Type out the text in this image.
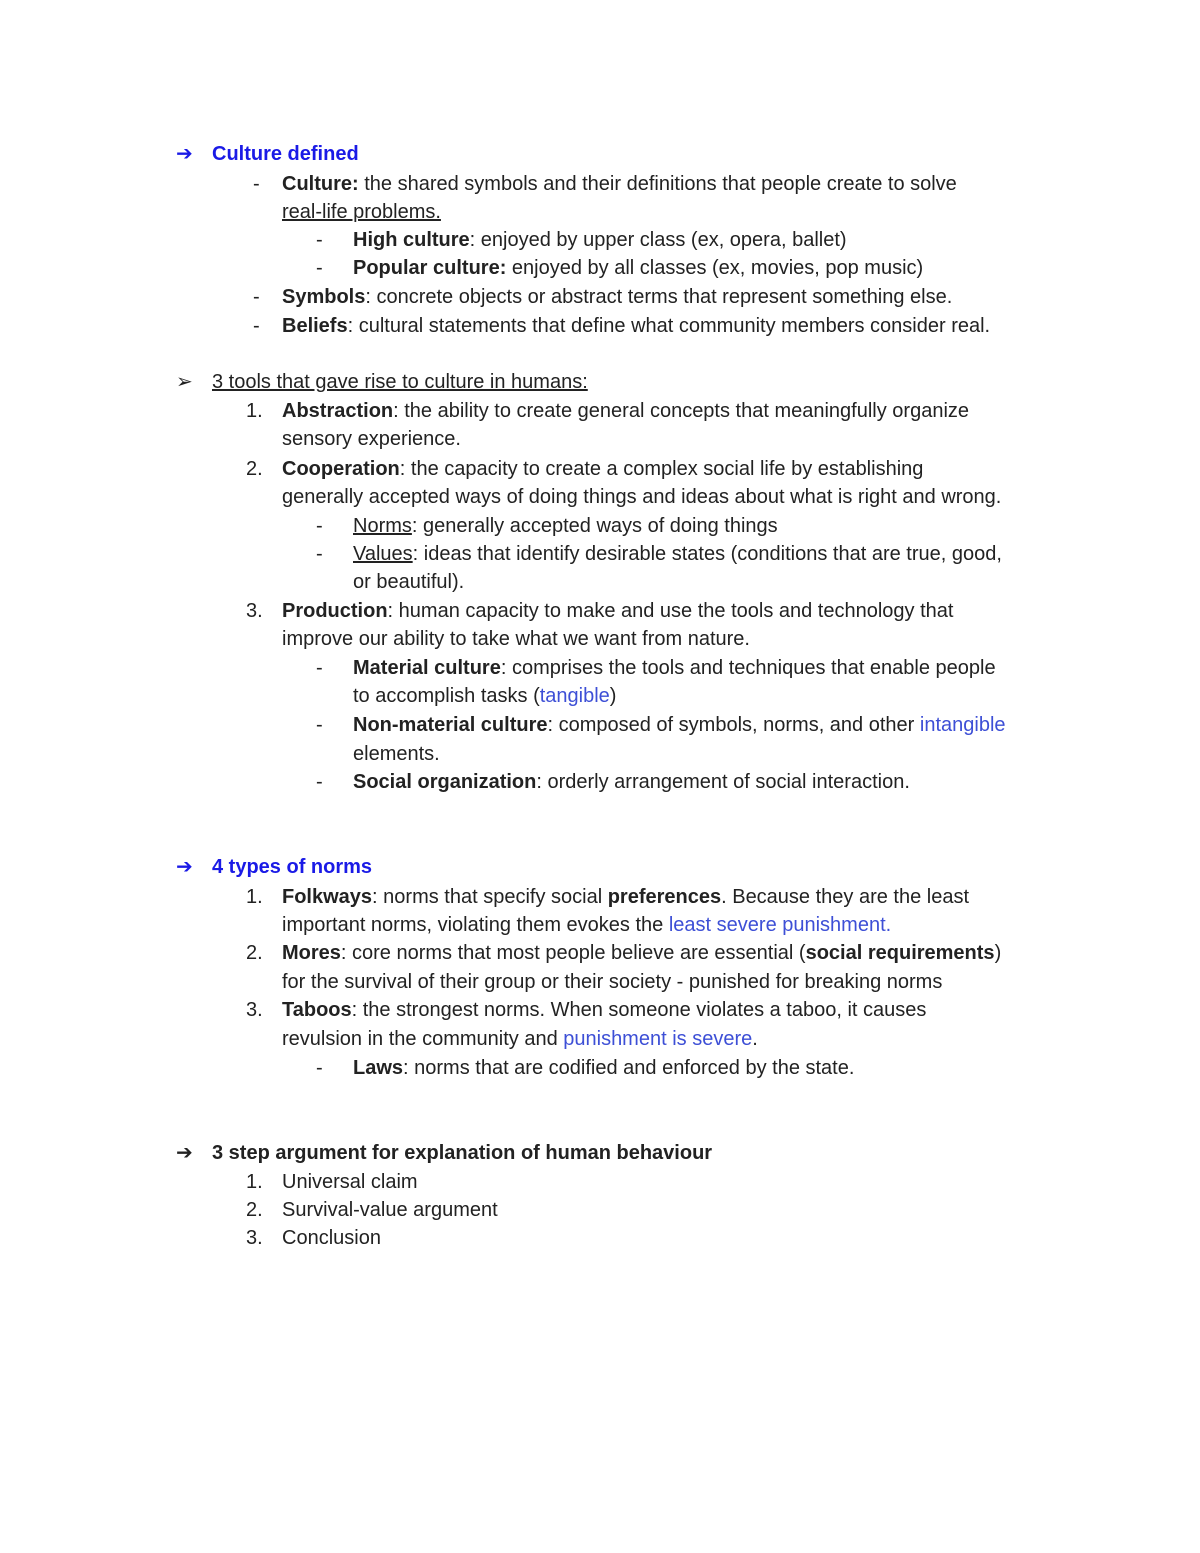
➔ Culture defined
- Culture: the shared symbols and their definitions that people create to solve
real-life problems.
- High culture: enjoyed by upper class (ex, opera, ballet)
- Popular culture: enjoyed by all classes (ex, movies, pop music)
- Symbols: concrete objects or abstract terms that represent something else.
- Beliefs: cultural statements that define what community members consider real.
➢ 3 tools that gave rise to culture in humans:
1. Abstraction: the ability to create general concepts that meaningfully organize
sensory experience.
2. Cooperation: the capacity to create a complex social life by establishing
generally accepted ways of doing things and ideas about what is right and wrong.
- Norms: generally accepted ways of doing things
- Values: ideas that identify desirable states (conditions that are true, good,
or beautiful).
3. Production: human capacity to make and use the tools and technology that
improve our ability to take what we want from nature.
- Material culture: comprises the tools and techniques that enable people
to accomplish tasks (tangible)
- Non-material culture: composed of symbols, norms, and other intangible
elements.
- Social organization: orderly arrangement of social interaction.
➔ 4 types of norms
1. Folkways: norms that specify social preferences. Because they are the least
important norms, violating them evokes the least severe punishment.
2. Mores: core norms that most people believe are essential (social requirements)
for the survival of their group or their society - punished for breaking norms
3. Taboos: the strongest norms. When someone violates a taboo, it causes
revulsion in the community and punishment is severe.
- Laws: norms that are codified and enforced by the state.
➔ 3 step argument for explanation of human behaviour
1. Universal claim
2. Survival-value argument
3. Conclusion
